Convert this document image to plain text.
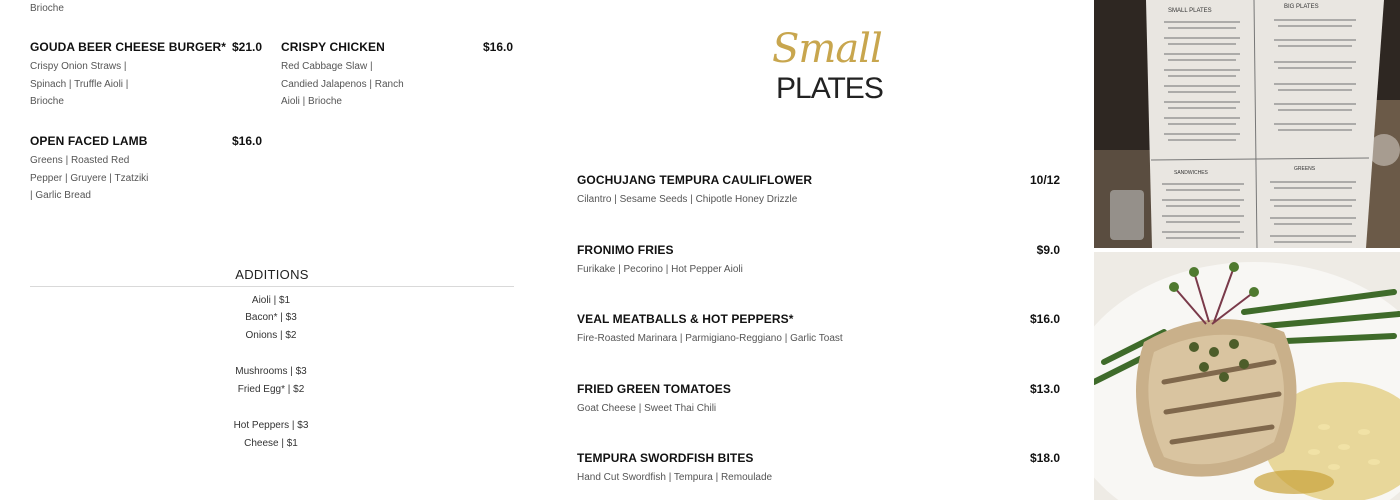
Brioche
GOUDA BEER CHEESE BURGER* $21.0
Crispy Onion Straws |
Spinach | Truffle Aioli |
Brioche
CRISPY CHICKEN	$16.0
Red Cabbage Slaw |
Candied Jalapenos | Ranch
Aioli | Brioche
OPEN FACED LAMB	$16.0
Greens | Roasted Red
Pepper | Gruyere | Tzatziki
| Garlic Bread
ADDITIONS
Aioli | $1
Bacon* | $3
Onions | $2
Mushrooms | $3
Fried Egg* | $2
Hot Peppers | $3
Cheese | $1
Small
PLATES
GOCHUJANG TEMPURA CAULIFLOWER	10/12
Cilantro | Sesame Seeds | Chipotle Honey Drizzle
FRONIMO FRIES	$9.0
Furikake | Pecorino | Hot Pepper Aioli
VEAL MEATBALLS & HOT PEPPERS*	$16.0
Fire-Roasted Marinara | Parmigiano-Reggiano | Garlic Toast
FRIED GREEN TOMATOES	$13.0
Goat Cheese | Sweet Thai Chili
TEMPURA SWORDFISH BITES	$18.0
Hand Cut Swordfish | Tempura | Remoulade
SMALL PLATES
BIG PLATES
SANDWICHES
GREENS
